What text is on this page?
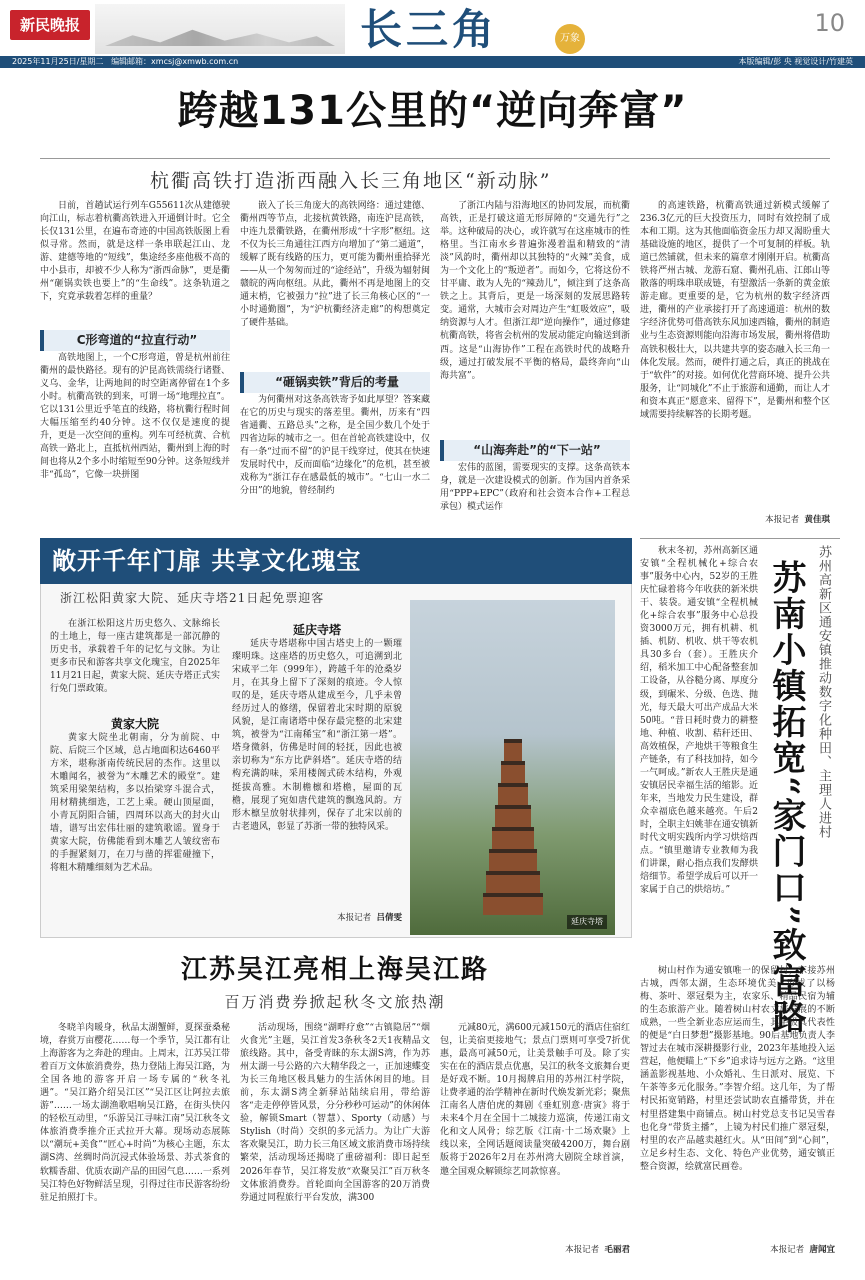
新民晚报	长三角	万象
10
2025年11月25日/星期二 编辑邮箱：xmcsj@xmwb.com.cn	本版编辑/彭 央 视觉设计/竹建英
跨越131公里的“逆向奔富”
杭衢高铁打造浙西融入长三角地区“新动脉”

日前，首趟试运行列车G55611次从建德驶向江山，标志着杭衢高铁进入开通倒计时。它全长仅131公里，在遍布奇迹的中国高铁版图上看似寻常。然而，就是这样一条串联起江山、龙游、建德等地的“短线”，集途经多座他极不高的中小县市，却被不少人称为“浙西命脉”，更是衢州“砸锅卖铁也要上”的“生命线”。这条轨道之下，究竟承载着怎样的重量？

C形弯道的“拉直行动”

高铁地图上，一个C形弯道，曾是杭州前往衢州的最快路径。现有的沪昆高铁需绕行诸暨、义乌、金华，让两地间的时空距离停留在1个多小时。杭衢高铁的到来，可谓一场“地理拉直”。它以131公里近乎笔直的线路，将杭衢行程时间大幅压缩至约40分钟。这不仅仅是速度的提升，更是一次空间的重构。列车可经杭黄、合杭高铁一路北上，直抵杭州西站，衢州到上海的时间也将从2个多小时缩短至90分钟。这条短线并非“孤岛”，它像一块拼图

嵌入了长三角庞大的高铁网络：通过建德、衢州西等节点，北接杭黄铁路，南连沪昆高铁，中连九景衢铁路，在衢州形成“十字形”枢纽。这不仅为长三角通往江西方向增加了“第二通道”，缓解了既有线路的压力，更可能为衢州重拾驿光——从一个匆匆而过的“途经站”，升级为辐射闽赣皖的两向枢纽。从此，衢州不再是地图上的交通末梢，它被强力“拉”进了长三角核心区的“一小时通勤圈”，为“沪杭衢经济走廊”的构想奠定了硬件基础。

“砸锅卖铁”背后的考量

为何衢州对这条高铁寄予如此厚望？答案藏在它的历史与现实的落差里。衢州，历来有“四省通衢、五路总头”之称，是全国少数几个处于四省边际的城市之一。但在首轮高铁建设中，仅有一条“过而不留”的沪昆干线穿过，使其在快速发展时代中，反而面临“边缘化”的危机，甚至被戏称为“浙江存在感最低的城市”。“七山一水二分田”的地貌，曾经制约

了浙江内陆与沿海地区的协同发展，而杭衢高铁，正是打破这道无形屏障的“交通先行”之举。这种破局的决心，或许就写在这座城市的性格里。当江南水乡普遍弥漫着温和精致的“清淡”风韵时，衢州却以其独特的“火辣”美食，成为一个文化上的“叛逆者”。而如今，它将这份不甘平庸、敢为人先的“辣劲儿”，倾注到了这条高铁之上。其背后，更是一场深刻的发展思路转变。通常，大城市会对周边产生“虹吸效应”，吸纳资源与人才。但浙江却“逆向操作”，通过修建杭衢高铁，将省会杭州的发展动能定向输送到浙西。这是“山海协作”工程在高铁时代的战略升级，通过打破发展不平衡的格局，最终奔向“山海共富”。

“山海奔赴”的“下一站”

宏伟的蓝图，需要现实的支撑。这条高铁本身，就是一次建设模式的创新。作为国内首条采用“PPP+EPC”（政府和社会资本合作+工程总承包）模式运作

的高速铁路，杭衢高铁通过新模式缓解了236.3亿元的巨大投资压力，同时有效控制了成本和工期。这为其他面临资金压力却又渴盼重大基础设施的地区，提供了一个可复制的样板。轨道已然铺就，但未来的篇章才刚刚开启。杭衢高铁将严州古城、龙游石窟、衢州孔庙、江郎山等散落的明珠串联成链，有望激活一条新的黄金旅游走廊。更重要的是，它为杭州的数字经济西进，衢州的产业承接打开了高速通道：杭州的数字经济优势可借高铁东风加速西输，衢州的制造业与生态资源则能向沿海市场发展，衢州将借助高铁积极壮大，以共建共享的姿态融入长三角一体化发展。然而，硬件打通之后，真正的挑战在于“软件”的对接。如何优化营商环境、提升公共服务，让“同城化”不止于旅游和通勤，而让人才和资本真正“愿意来、留得下”，是衢州和整个区域需要持续解答的长期考题。

本报记者 黄佳琪
敞开千年门扉 共享文化瑰宝
浙江松阳黄家大院、延庆寺塔21日起免票迎客

在浙江松阳这片历史悠久、文脉绵长的土地上，每一座古建筑都是一部沉静的历史书，承载着千年的记忆与文脉。为让更多市民和游客共享文化瑰宝，自2025年11月21日起，黄家大院、延庆寺塔正式实行免门票政策。

黄家大院

黄家大院坐北朝南，分为前院、中院、后院三个区域，总占地面积达6460平方米，堪称浙南传统民居的杰作。这里以木雕闻名，被誉为“木雕艺术的殿堂”。建筑采用梁架结构，多以抬梁穿斗混合式，用材精挑细选，工艺上乘。硬山顶屋面，小青瓦阴阳合铺，四周环以高大的封火山墙，谱写出宏伟壮丽的建筑歌谣。置身于黄家大院，仿佛能看到木雕艺人皱纹密布的手握紧刻刀，在刀与凿的挥霍碰撞下，将粗木精雕细刻为艺术品。

延庆寺塔

延庆寺塔堪称中国古塔史上的一颗璀璨明珠。这座塔的历史悠久，可追溯到北宋咸平二年（999年），跨越千年的沧桑岁月，在其身上留下了深刻的痕迹。令人惊叹的是，延庆寺塔从建成至今，几乎未曾经历过人的修缮，保留着北宋时期的原貌风貌，是江南诸塔中保存最完整的北宋建筑，被誉为“江南稀宝”和“浙江第一塔”。塔身微斜，仿佛是时间的轻抚，因此也被亲切称为“东方比萨斜塔”。延庆寺塔的结构充满韵味，采用楼阁式砖木结构，外观挺拔高雅。木制檐檩和塔檐，屋面的瓦檐，展现了宛如唐代建筑的飘逸风韵。方形木檩呈放射状排列，保存了北宋以前的古老遗风，彰显了苏浙一带的独特风采。

本报记者 吕倩雯	延庆寺塔

秋末冬初，苏州高新区通安镇“全程机械化+综合农事”服务中心内，52岁的王胜庆忙碌着将今年收获的新米烘干、装袋。通安镇“全程机械化+综合农事”服务中心总投资3000万元，拥有机耕、机插、机防、机收、烘干等农机具30多台（套）。王胜庆介绍，稻米加工中心配备整套加工设备，从谷糙分离、厚度分级，到碾米、分级、色选、抛光，每天最大可出产成品大米50吨。“昔日耗时费力的耕整地、种植、收割、秸秆还田、高效植保，产地烘干等粮食生产链条，有了科技加持，如今一气呵成。”新农人王胜庆是通安镇居民幸福生活的缩影。近年来，当地发力民生建设，群众幸福底色越来越亮。午后2时，全职主妇姚菲在通安镇新时代文明实践所内学习烘焙西点。“镇里邀请专业教师为我们讲课，耐心指点我们发酵烘焙细节。希望学成后可以开一家属于自己的烘焙坊。”	苏南小镇拓宽“家门口”致富路 苏州高新区通安镇推动数字化种田、主理人进村

树山村作为通安镇唯一的保留村，东接苏州古城，西邻太湖，生态环境优美，形成了以杨梅、茶叶、翠冠梨为主，农家乐、精品民宿为辅的生态旅游产业。随着树山村农文旅发展的不断成熟，一些全新业态应运而生，其中极具代表性的便是“白日梦想”摄影基地。90后基地负责人李智过去在城市深耕摄影行业，2023年基地投入运营起，他便瞄上“下乡”追求诗与远方之路。“这里涵盖影视基地、小众婚礼、生日派对、展览、下午茶等多元化服务。”李智介绍。这几年，为了帮村民拓宽销路，村里还尝试助农直播带货，并在村里搭建集中商铺点。树山村党总支书记吴雪春也化身“带货主播”，上镜为村民们推广翠冠梨，村里的农产品越卖越红火。从“田间”到“心间”，立足乡村生态、文化、特色产业优势，通安镇正整合资源，绘就富民画卷。

本报记者 唐闻宜
江苏吴江亮相上海吴江路
百万消费券掀起秋冬文旅热潮

冬晓羊肉暖身，秋品太湖蟹鲜，夏探蚕桑秘境，春赏万亩樱花……每一个季节，吴江都有让上海游客为之奔赴的理由。上周末，江苏吴江带着百万文体旅消费券，热力登陆上海吴江路，为全国各地的游客开启一场专属的“秋冬礼遇”。“吴江路介绍吴江区”“吴江区让阿拉去旅游”……一场太湖渔歌唱响吴江路，在街头快闪的轻松互动里，“乐游吴江寻味江南”吴江秋冬文体旅消费季推介正式拉开大幕。现场动态展陈以“潮玩+美食”“匠心+时尚”为核心主题，东太湖S湾、丝绸时尚沉浸式体验场景、苏式茶食的软糯香甜、优质农副产品的田园气息……一系列吴江特色好物鲜活呈现，引得过往市民游客纷纷驻足拍照打卡。

活动现场，围绕“湖畔疗愈”“古镇隐居”“烟火食光”主题，吴江首发3条秋冬2天1夜精品文旅线路。其中，备受青睐的东太湖S湾，作为苏州太湖一号公路的六大精华段之一，正加速蝶变为长三角地区极具魅力的生活休闲目的地。目前，东太湖S湾全新驿站陆续启用，带给游客“走走停停皆风景，分分秒秒可运动”的休闲体验，解锁Smart（智慧）、Sporty（动感）与Stylish（时尚）交织的多元活力。为让广大游客欢聚吴江，助力长三角区域文旅消费市场持续繁荣，活动现场还揭晓了重磅福利：即日起至2026年春节，吴江将发放“欢聚吴江”百万秋冬文体旅消费券。首轮面向全国游客的20万消费券通过同程旅行平台发放，满300

元减80元，满600元减150元的酒店住宿红包，让美宿更接地气；景点门票则可享受7折优惠，最高可减50元，让美景触手可及。除了实实在在的酒店景点优惠，吴江的秋冬文旅舞台更是好戏不断。10月揭牌启用的苏州江村学院，让费孝通的治学精神在新时代焕发新光彩；聚焦江南名人唐伯虎的舞剧《垂虹别意·唐寅》将于未来4个月在全国十二城接力巡演，传递江南文化和文人风骨；综艺版《江南·十二场欢聚》上线以来，全网话题阅读量突破4200万，舞台剧版将于2026年2月在苏州湾大剧院全球首演，邀全国观众解锁综艺同款惊喜。

本报记者 毛丽君
